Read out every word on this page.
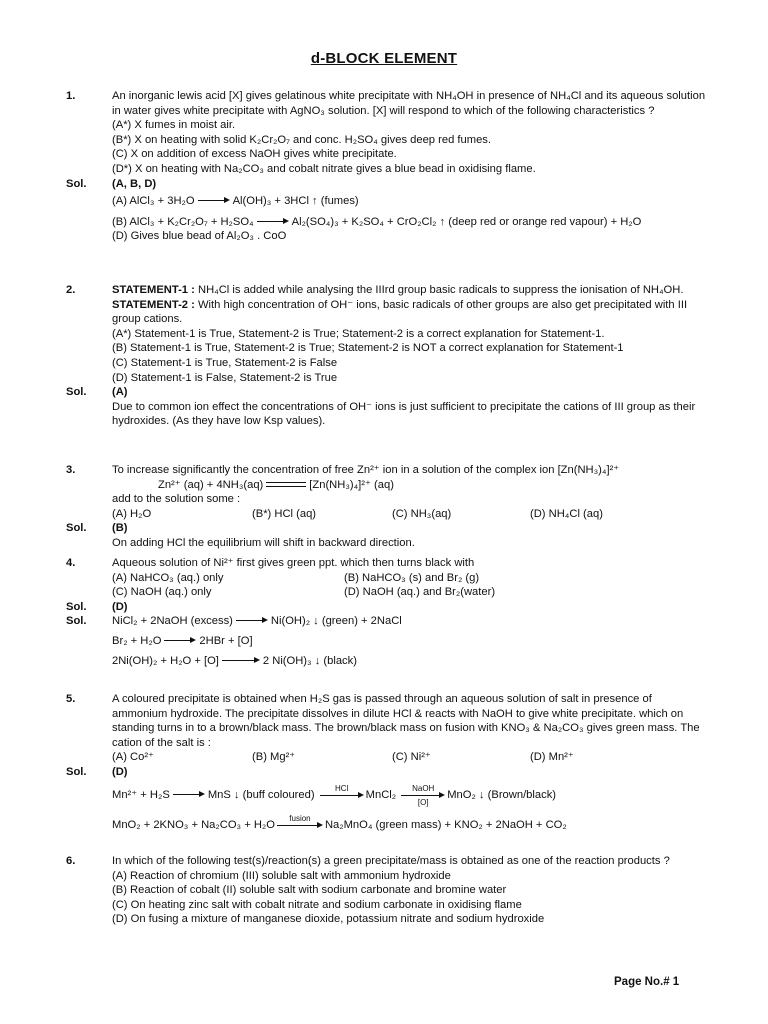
d-BLOCK ELEMENT
1.	An inorganic lewis acid [X] gives gelatinous white precipitate with NH₄OH in presence of NH₄Cl and its aqueous solution in water gives white precipitate with AgNO₃ solution. [X] will respond to which of the following characteristics ?

(A*) X fumes in moist air.

(B*) X on heating with solid K₂Cr₂O₇ and conc. H₂SO₄ gives deep red fumes.

(C) X on addition of excess NaOH gives white precipitate.

(D*) X on heating with Na₂CO₃ and cobalt nitrate gives a blue bead in oxidising flame.

Sol.	(A, B, D)

(A) AlCl₃ + 3H₂O	Al(OH)₃ + 3HCl ↑ (fumes)

(B) AlCl₃ + K₂Cr₂O₇ + H₂SO₄	Al₂(SO₄)₃ + K₂SO₄ + CrO₂Cl₂ ↑ (deep red or orange red vapour) + H₂O

(D) Gives blue bead of Al₂O₃ . CoO

2.	STATEMENT-1 : NH₄Cl is added while analysing the IIIrd group basic radicals to suppress the ionisation of NH₄OH.

STATEMENT-2 : With high concentration of OH⁻ ions, basic radicals of other groups are also get precipitated with III group cations.

(A*) Statement-1 is True, Statement-2 is True; Statement-2 is a correct explanation for Statement-1.

(B) Statement-1 is True, Statement-2 is True; Statement-2 is NOT a correct explanation for Statement-1

(C) Statement-1 is True, Statement-2 is False

(D) Statement-1 is False, Statement-2 is True

Sol.	(A)

Due to common ion effect the concentrations of OH⁻ ions is just sufficient to precipitate the cations of III group as their hydroxides. (As they have low Ksp values).

3.	To increase significantly the concentration of free Zn²⁺ ion in a solution of the complex ion [Zn(NH₃)₄]²⁺

Zn²⁺ (aq) + 4NH₃(aq)	[Zn(NH₃)₄]²⁺ (aq)

add to the solution some :

(A) H₂O	(B*) HCl (aq)	(C) NH₃(aq)	(D) NH₄Cl (aq)
Sol.	(B)

On adding HCl the equilibrium will shift in backward direction.

4.	Aqueous solution of Ni²⁺ first gives green ppt. which then turns black with

(A) NaHCO₃ (aq.) only	(B) NaHCO₃ (s) and Br₂ (g)
(C) NaOH (aq.) only	(D) NaOH (aq.) and Br₂(water)
Sol.	(D)

Sol.	NiCl₂ + 2NaOH (excess)	Ni(OH)₂ ↓ (green) + 2NaCl

Br₂ + H₂O	2HBr + [O]

2Ni(OH)₂ + H₂O + [O]	2 Ni(OH)₃ ↓ (black)

5.	A coloured precipitate is obtained when H₂S gas is passed through an aqueous solution of salt in presence of ammonium hydroxide. The precipitate dissolves in dilute HCl & reacts with NaOH to give white precipitate. which on standing turns in to a brown/black mass. The brown/black mass on fusion with KNO₃ & Na₂CO₃ gives green mass. The cation of the salt is :

(A) Co²⁺	(B) Mg²⁺	(C) Ni²⁺	(D) Mn²⁺
Sol.	(D)

Mn²⁺ + H₂S	MnS ↓ (buff coloured)
HCl
MnCl₂
NaOH
[O]
MnO₂ ↓ (Brown/black)

MnO₂ + 2KNO₃ + Na₂CO₃ + H₂O
fusion
Na₂MnO₄ (green mass) + KNO₂ + 2NaOH + CO₂

6.	In which of the following test(s)/reaction(s) a green precipitate/mass is obtained as one of the reaction products ?

(A) Reaction of chromium (III) soluble salt with ammonium hydroxide

(B) Reaction of cobalt (II) soluble salt with sodium carbonate and bromine water

(C) On heating zinc salt with cobalt nitrate and sodium carbonate in oxidising flame

(D) On fusing a mixture of manganese dioxide, potassium nitrate and sodium hydroxide

Page No.# 1
